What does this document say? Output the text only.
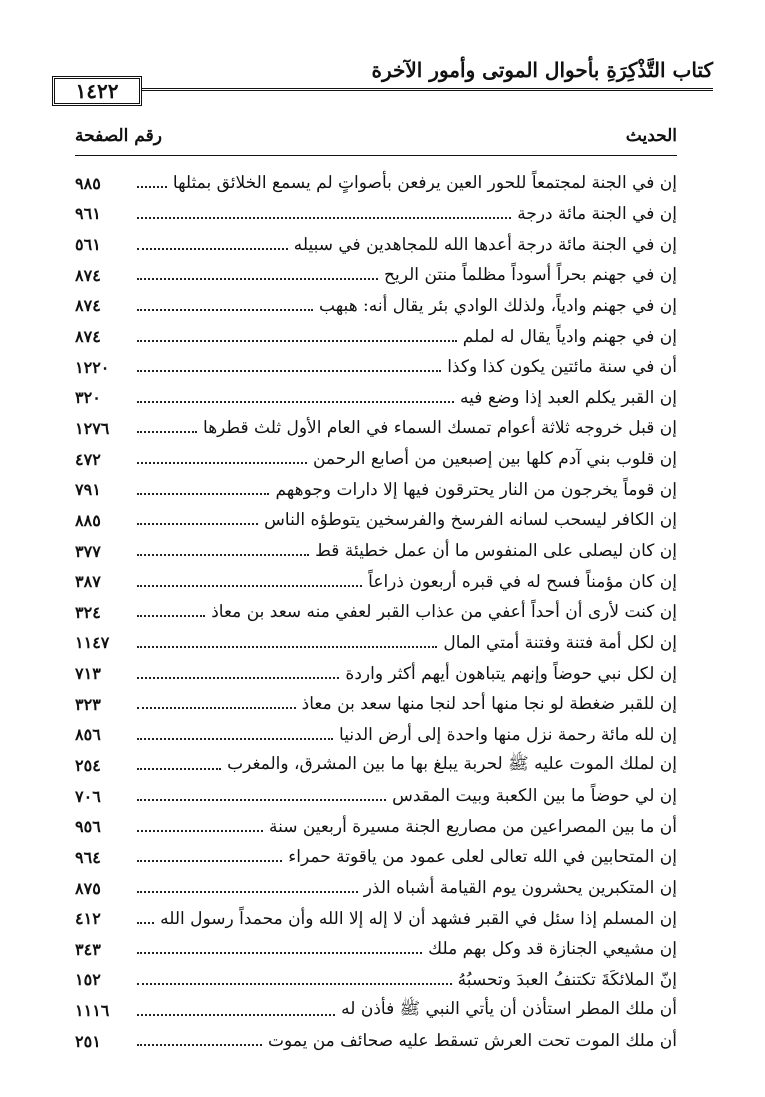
كتاب التَّذْكِرَةِ بأحوال الموتى وأمور الآخرة
١٤٢٢
الحديث
رقم الصفحة
إن في الجنة لمجتمعاً للحور العين يرفعن بأصواتٍ لم يسمع الخلائق بمثلها
٩٨٥
إن في الجنة مائة درجة
٩٦١
إن في الجنة مائة درجة أعدها الله للمجاهدين في سبيله
٥٦١
إن في جهنم بحراً أسوداً مظلماً منتن الريح
٨٧٤
إن في جهنم وادياً، ولذلك الوادي بئر يقال أنه: هبهب
٨٧٤
إن في جهنم وادياً يقال له لملم
٨٧٤
أن في سنة مائتين يكون كذا وكذا
١٢٢٠
إن القبر يكلم العبد إذا وضع فيه
٣٢٠
إن قبل خروجه ثلاثة أعوام تمسك السماء في العام الأول ثلث قطرها
١٢٧٦
إن قلوب بني آدم كلها بين إصبعين من أصابع الرحمن
٤٧٢
إن قوماً يخرجون من النار يحترقون فيها إلا دارات وجوههم
٧٩١
إن الكافر ليسحب لسانه الفرسخ والفرسخين يتوطؤه الناس
٨٨٥
إن كان ليصلى على المنفوس ما أن عمل خطيئة قط
٣٧٧
إن كان مؤمناً فسح له في قبره أربعون ذراعاً
٣٨٧
إن كنت لأرى أن أحداً أعفي من عذاب القبر لعفي منه سعد بن معاذ
٣٢٤
إن لكل أمة فتنة وفتنة أمتي المال
١١٤٧
إن لكل نبي حوضاً وإنهم يتباهون أيهم أكثر واردة
٧١٣
إن للقبر ضغطة لو نجا منها أحد لنجا منها سعد بن معاذ
٣٢٣
إن لله مائة رحمة نزل منها واحدة إلى أرض الدنيا
٨٥٦
إن لملك الموت عليه ﷺ لحربة يبلغ بها ما بين المشرق، والمغرب
٢٥٤
إن لي حوضاً ما بين الكعبة وبيت المقدس
٧٠٦
أن ما بين المصراعين من مصاريع الجنة مسيرة أربعين سنة
٩٥٦
إن المتحابين في الله تعالى لعلى عمود من ياقوتة حمراء
٩٦٤
إن المتكبرين يحشرون يوم القيامة أشباه الذر
٨٧٥
إن المسلم إذا سئل في القبر فشهد أن لا إله إلا الله وأن محمداً رسول الله
٤١٢
إن مشيعي الجنازة قد وكل بهم ملك
٣٤٣
إنّ الملائكَةَ تكتنفُ العبدَ وتحسبُهُ
١٥٢
أن ملك المطر استأذن أن يأتي النبي ﷺ فأذن له
١١١٦
أن ملك الموت تحت العرش تسقط عليه صحائف من يموت
٢٥١
